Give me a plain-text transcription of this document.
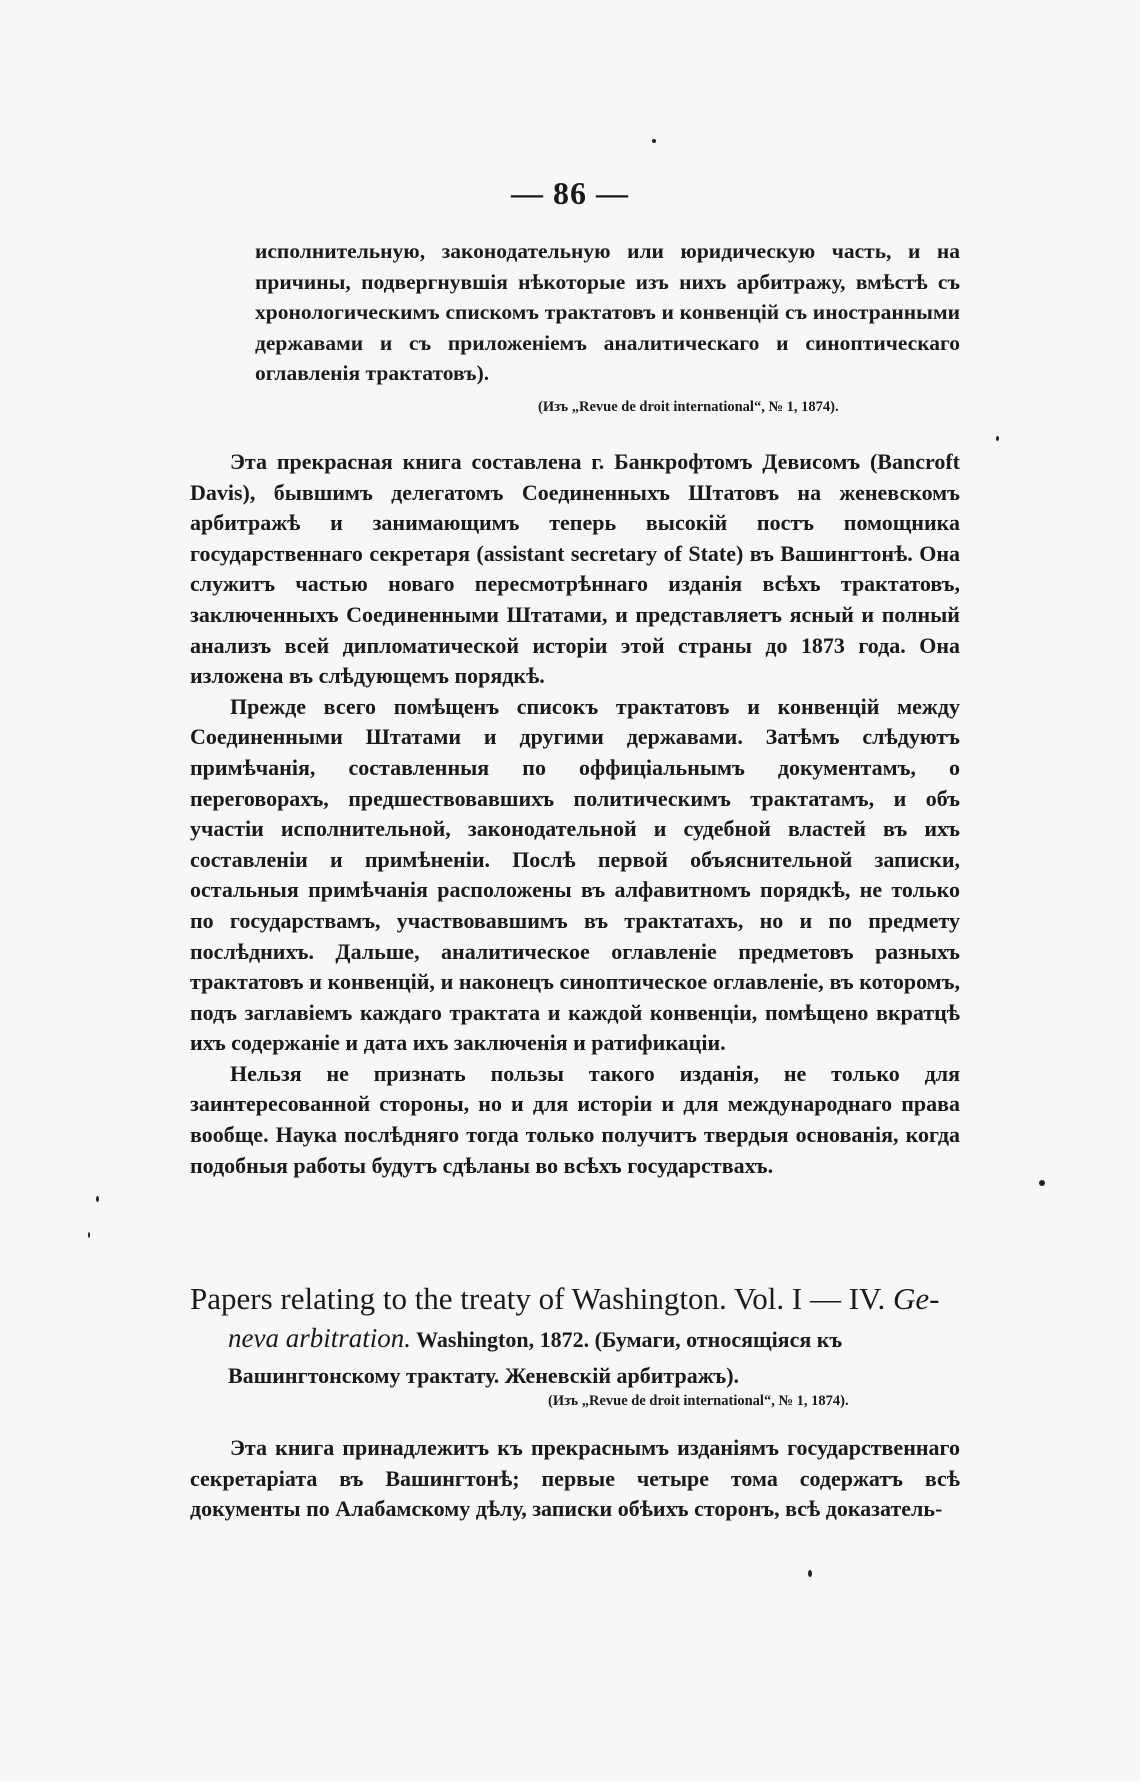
— 86 —

исполнительную, законодательную или юридическую часть, и на причины, подвергнувшія нѣкоторые изъ нихъ арбитражу, вмѣстѣ съ хронологическимъ спискомъ трактатовъ и конвенцій съ иностранными державами и съ приложеніемъ аналитическаго и синоптическаго оглавленія трактатовъ).

(Изъ „Revue de droit international“, № 1, 1874).

Эта прекрасная книга составлена г. Банкрофтомъ Девисомъ (Bancroft Davis), бывшимъ делегатомъ Соединенныхъ Штатовъ на женевскомъ арбитражѣ и занимающимъ теперь высокій постъ помощника государственнаго секретаря (assistant secretary of State) въ Вашингтонѣ. Она служитъ частью новаго пересмотрѣннаго изданія всѣхъ трактатовъ, заключенныхъ Соединенными Штатами, и представляетъ ясный и полный анализъ всей дипломатической исторіи этой страны до 1873 года. Она изложена въ слѣдующемъ порядкѣ.

Прежде всего помѣщенъ списокъ трактатовъ и конвенцій между Соединенными Штатами и другими державами. Затѣмъ слѣдуютъ примѣчанія, составленныя по оффиціальнымъ документамъ, о переговорахъ, предшествовавшихъ политическимъ трактатамъ, и объ участіи исполнительной, законодательной и судебной властей въ ихъ составленіи и примѣненіи. Послѣ первой объяснительной записки, остальныя примѣчанія расположены въ алфавитномъ порядкѣ, не только по государствамъ, участвовавшимъ въ трактатахъ, но и по предмету послѣднихъ. Дальше, аналитическое оглавленіе предметовъ разныхъ трактатовъ и конвенцій, и наконецъ синоптическое оглавленіе, въ которомъ, подъ заглавіемъ каждаго трактата и каждой конвенціи, помѣщено вкратцѣ ихъ содержаніе и дата ихъ заключенія и ратификаціи.

Нельзя не признать пользы такого изданія, не только для заинтересованной стороны, но и для исторіи и для международнаго права вообще. Наука послѣдняго тогда только получитъ твердыя основанія, когда подобныя работы будутъ сдѣланы во всѣхъ государствахъ.

Papers relating to the treaty of Washington. Vol. I — IV. Ge-
neva arbitration. Washington, 1872. (Бумаги, относящіяся къ Вашингтонскому трактату. Женевскій арбитражъ).
(Изъ „Revue de droit international“, № 1, 1874).

Эта книга принадлежитъ къ прекраснымъ изданіямъ государственнаго секретаріата въ Вашингтонѣ; первые четыре тома содержатъ всѣ документы по Алабамскому дѣлу, записки обѣихъ сторонъ, всѣ доказатель-
